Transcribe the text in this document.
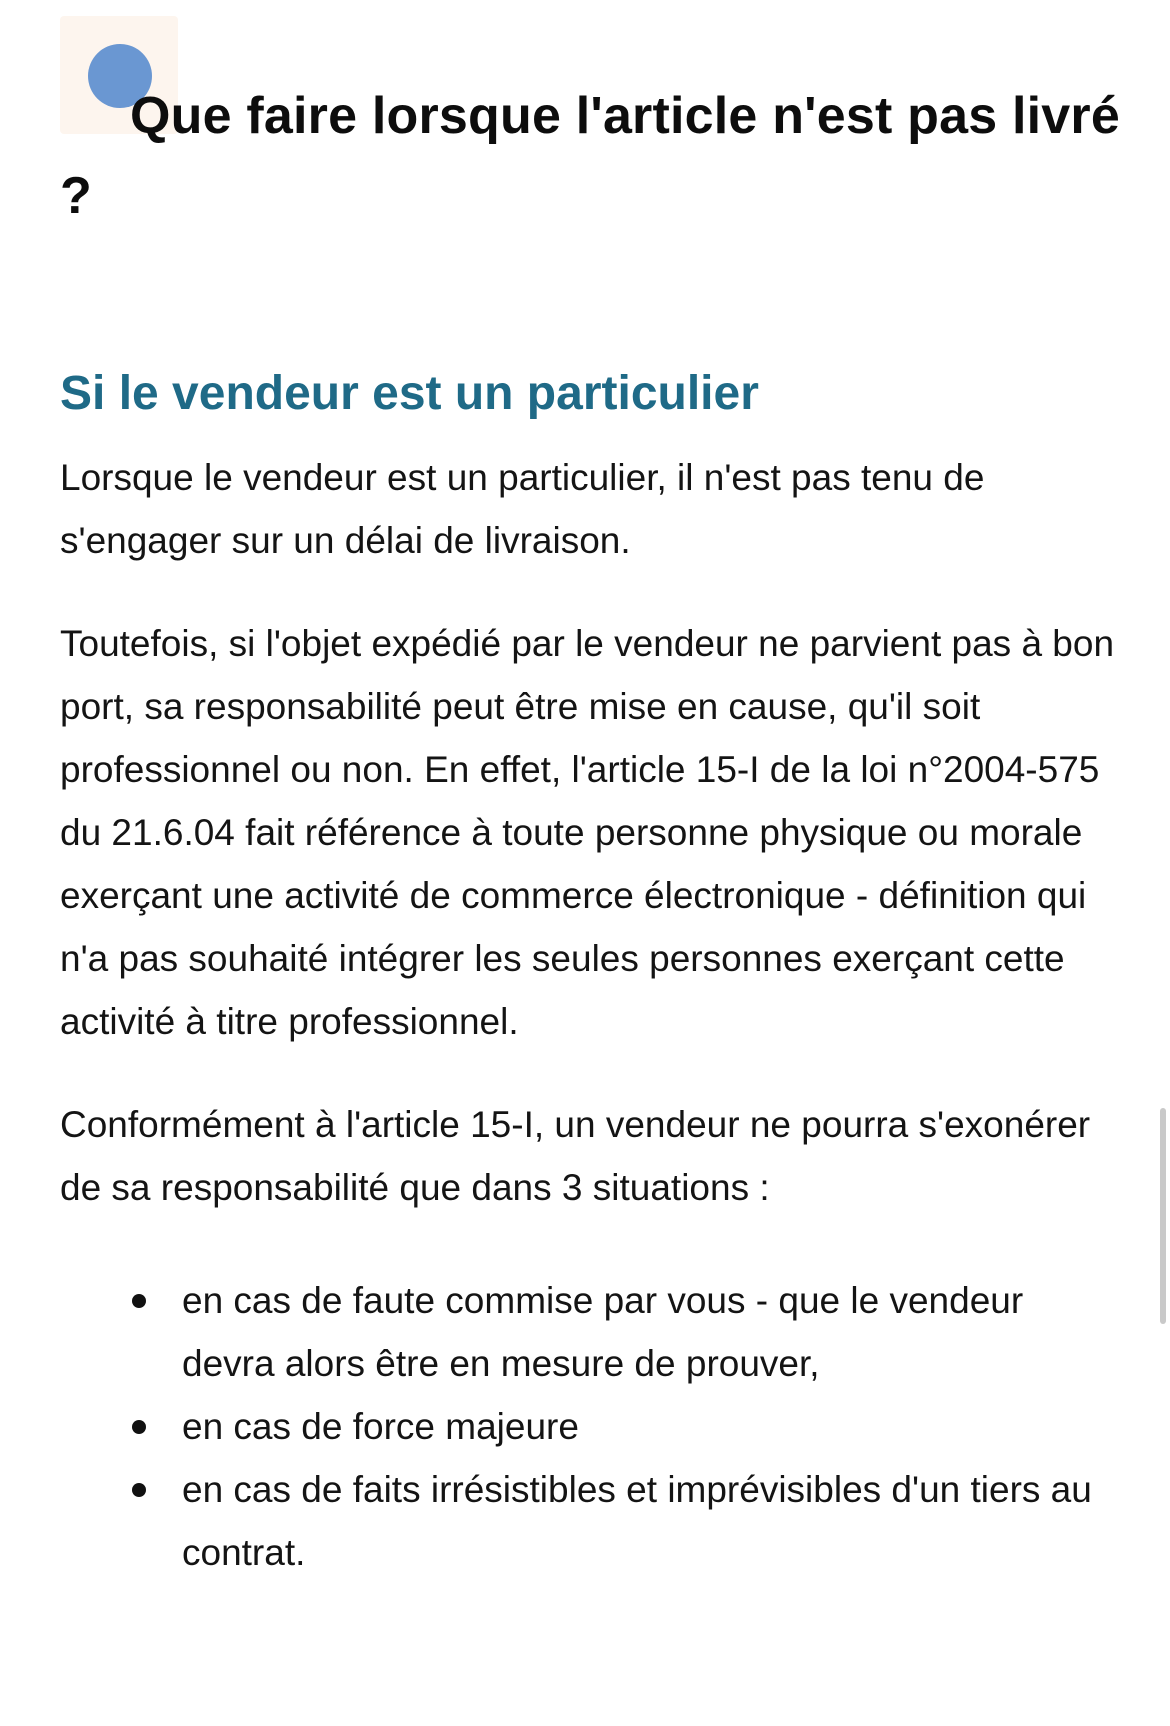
Que faire lorsque l'article n'est pas livré ?
Si le vendeur est un particulier

Lorsque le vendeur est un particulier, il n'est pas tenu de s'engager sur un délai de livraison.

Toutefois, si l'objet expédié par le vendeur ne parvient pas à bon port, sa responsabilité peut être mise en cause, qu'il soit professionnel ou non. En effet, l'article 15-I de la loi n°2004-575 du 21.6.04 fait référence à toute personne physique ou morale exerçant une activité de commerce électronique - définition qui n'a pas souhaité intégrer les seules personnes exerçant cette activité à titre professionnel.

Conformément à l'article 15-I, un vendeur ne pourra s'exonérer de sa responsabilité que dans 3 situations :

en cas de faute commise par vous - que le vendeur devra alors être en mesure de prouver,
en cas de force majeure
en cas de faits irrésistibles et imprévisibles d'un tiers au contrat.
